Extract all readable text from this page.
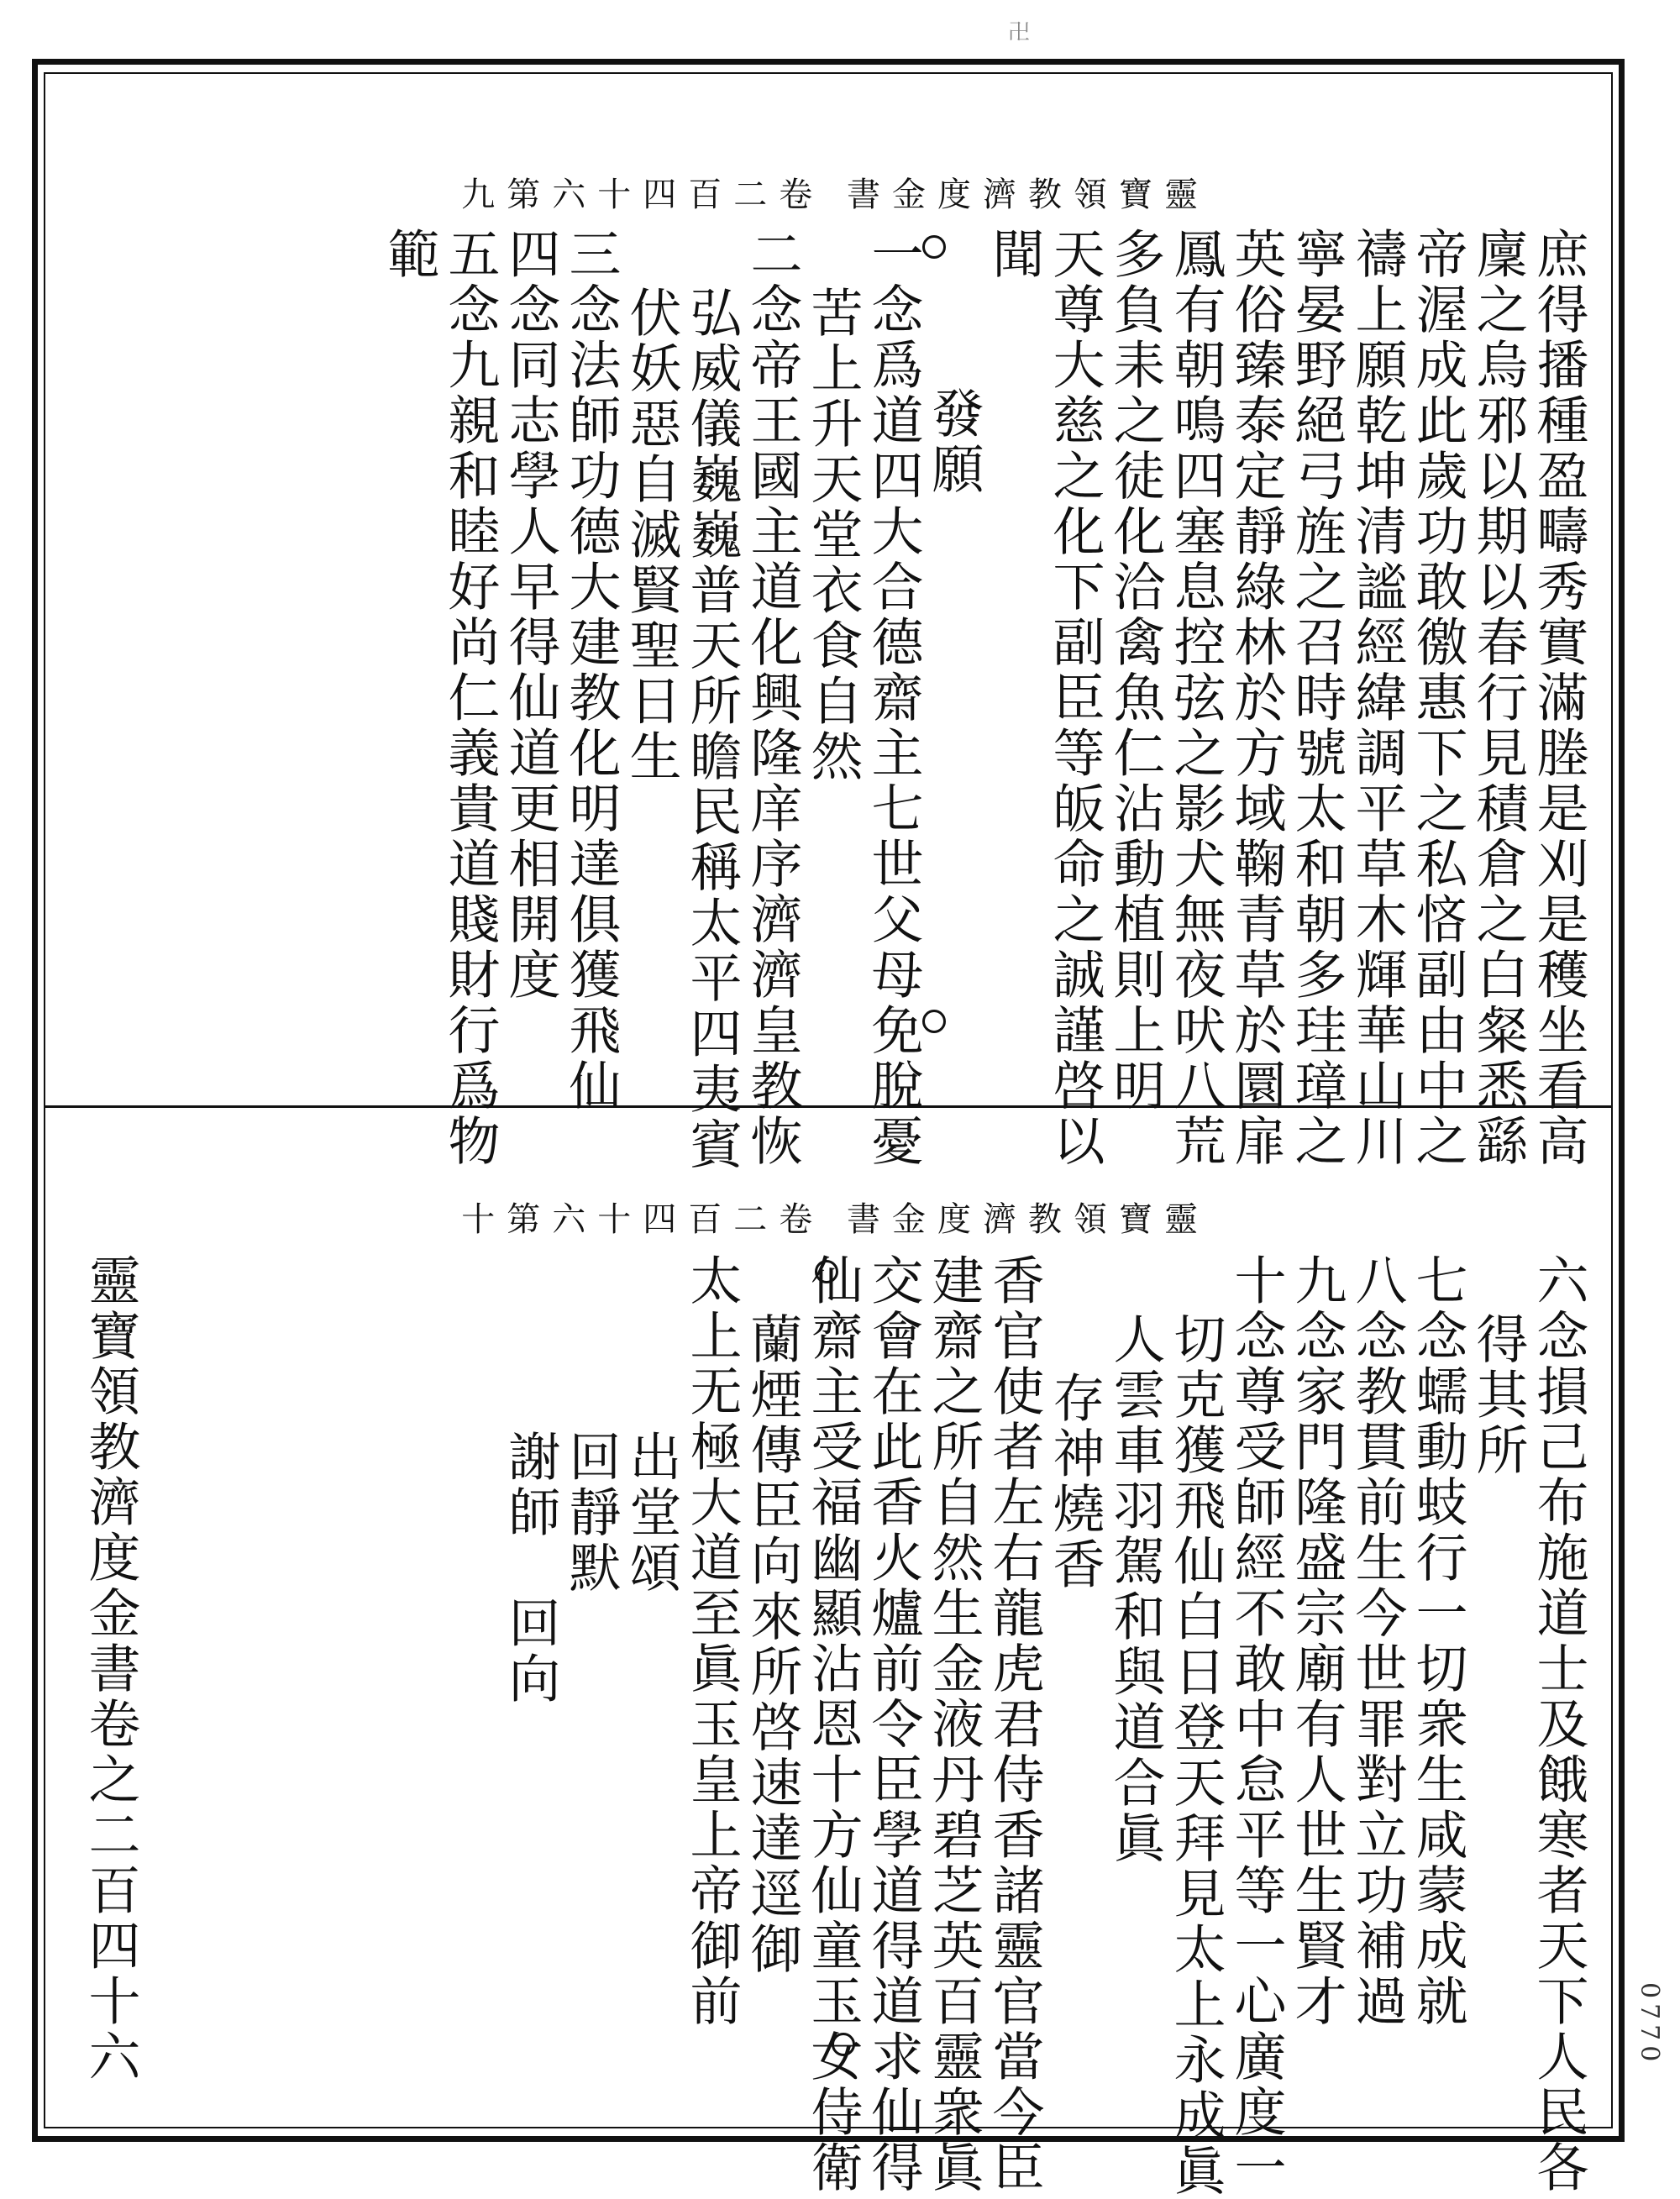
卍
靈寶領教濟度金書 卷二百四十六第九
庶得播種盈疇秀實滿塍是刈是穫坐看高
廩之烏邪以期以春行見積倉之白粲悉繇
帝渥成此歲功敢徼惠下之私悋副由中之
禱上願乾坤清謐經緯調平草木輝華山川
寧晏野絕弓旌之召時號太和朝多珪璋之
英俗臻泰定靜綠林於方域鞠青草於圜扉
鳳有朝鳴四塞息控弦之影犬無夜吠八荒
多負耒之徒化洽禽魚仁沾動植則上明
天尊大慈之化下副臣等皈命之誠謹啓以
聞
發願
一念爲道四大合德齋主七世父母免脫憂
苦上升天堂衣食自然
二念帝王國主道化興隆庠序濟濟皇教恢
弘威儀巍巍普天所瞻民稱太平四夷賓
伏妖惡自滅賢聖日生
三念法師功德大建教化明達俱獲飛仙
四念同志學人早得仙道更相開度
五念九親和睦好尚仁義貴道賤財行爲物
範
靈寶領教濟度金書 卷二百四十六第十
六念損己布施道士及餓寒者天下人民各
得其所
七念蠕動蚑行一切衆生咸蒙成就
八念教貫前生今世罪對立功補過
九念家門隆盛宗廟有人世生賢才
十念尊受師經不敢中怠平等一心廣度一
切克獲飛仙白日登天拜見太上永成眞
人雲車羽駕和與道合眞
存神燒香
香官使者左右龍虎君侍香諸靈官當今臣
建齋之所自然生金液丹碧芝英百靈衆眞
交會在此香火爐前令臣學道得道求仙得
仙齋主受福幽顯沾恩十方仙童玉女侍衛
蘭煙傳臣向來所啓速達逕御
太上无極大道至眞玉皇上帝御前
出堂頌
回靜默
謝師　回向
靈寶領教濟度金書卷之二百四十六	0770
